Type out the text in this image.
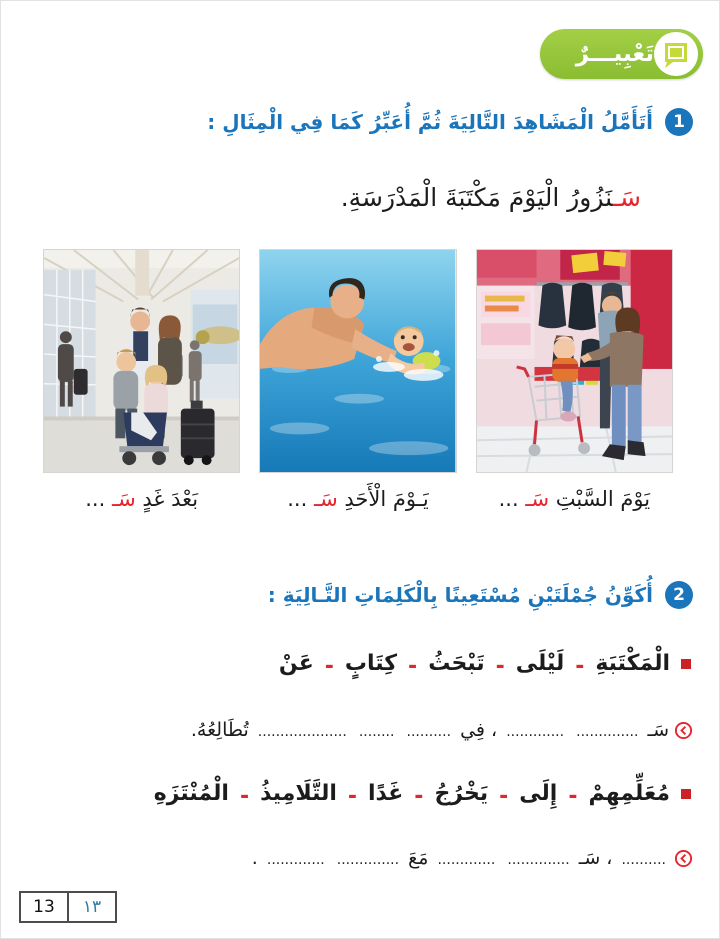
تَعْبِيـــرٌ
1
أَتَأَمَّلُ الْمَشَاهِدَ التَّالِيَةَ ثُمَّ أُعَبِّرُ كَمَا فِي الْمِثَالِ :
سَـنَزُورُ الْيَوْمَ مَكْتَبَةَ الْمَدْرَسَةِ.
بَعْدَ غَدٍ سَـ ...	يَـوْمَ الْأَحَدِ سَـ ...	يَوْمَ السَّبْتِ سَـ ...
2
أُكَوِّنُ جُمْلَتَيْنِ مُسْتَعِينًا بِالْكَلِمَاتِ التَّـالِيَةِ :
الْمَكْتَبَةِ
-
لَيْلَى
-
تَبْحَثُ
-
كِتَابٍ
-
عَنْ
سَـ .............. ............. ، فِي .......... ........ .................... تُطَالِعُهُ.
مُعَلِّمِهِمْ
-
إِلَى
-
يَخْرُجُ
-
غَدًا
-
التَّلَامِيذُ
-
الْمُنْتَزَهِ
.......... ، سَـ .............. ............. مَعَ .............. ............. .
13	١٣
